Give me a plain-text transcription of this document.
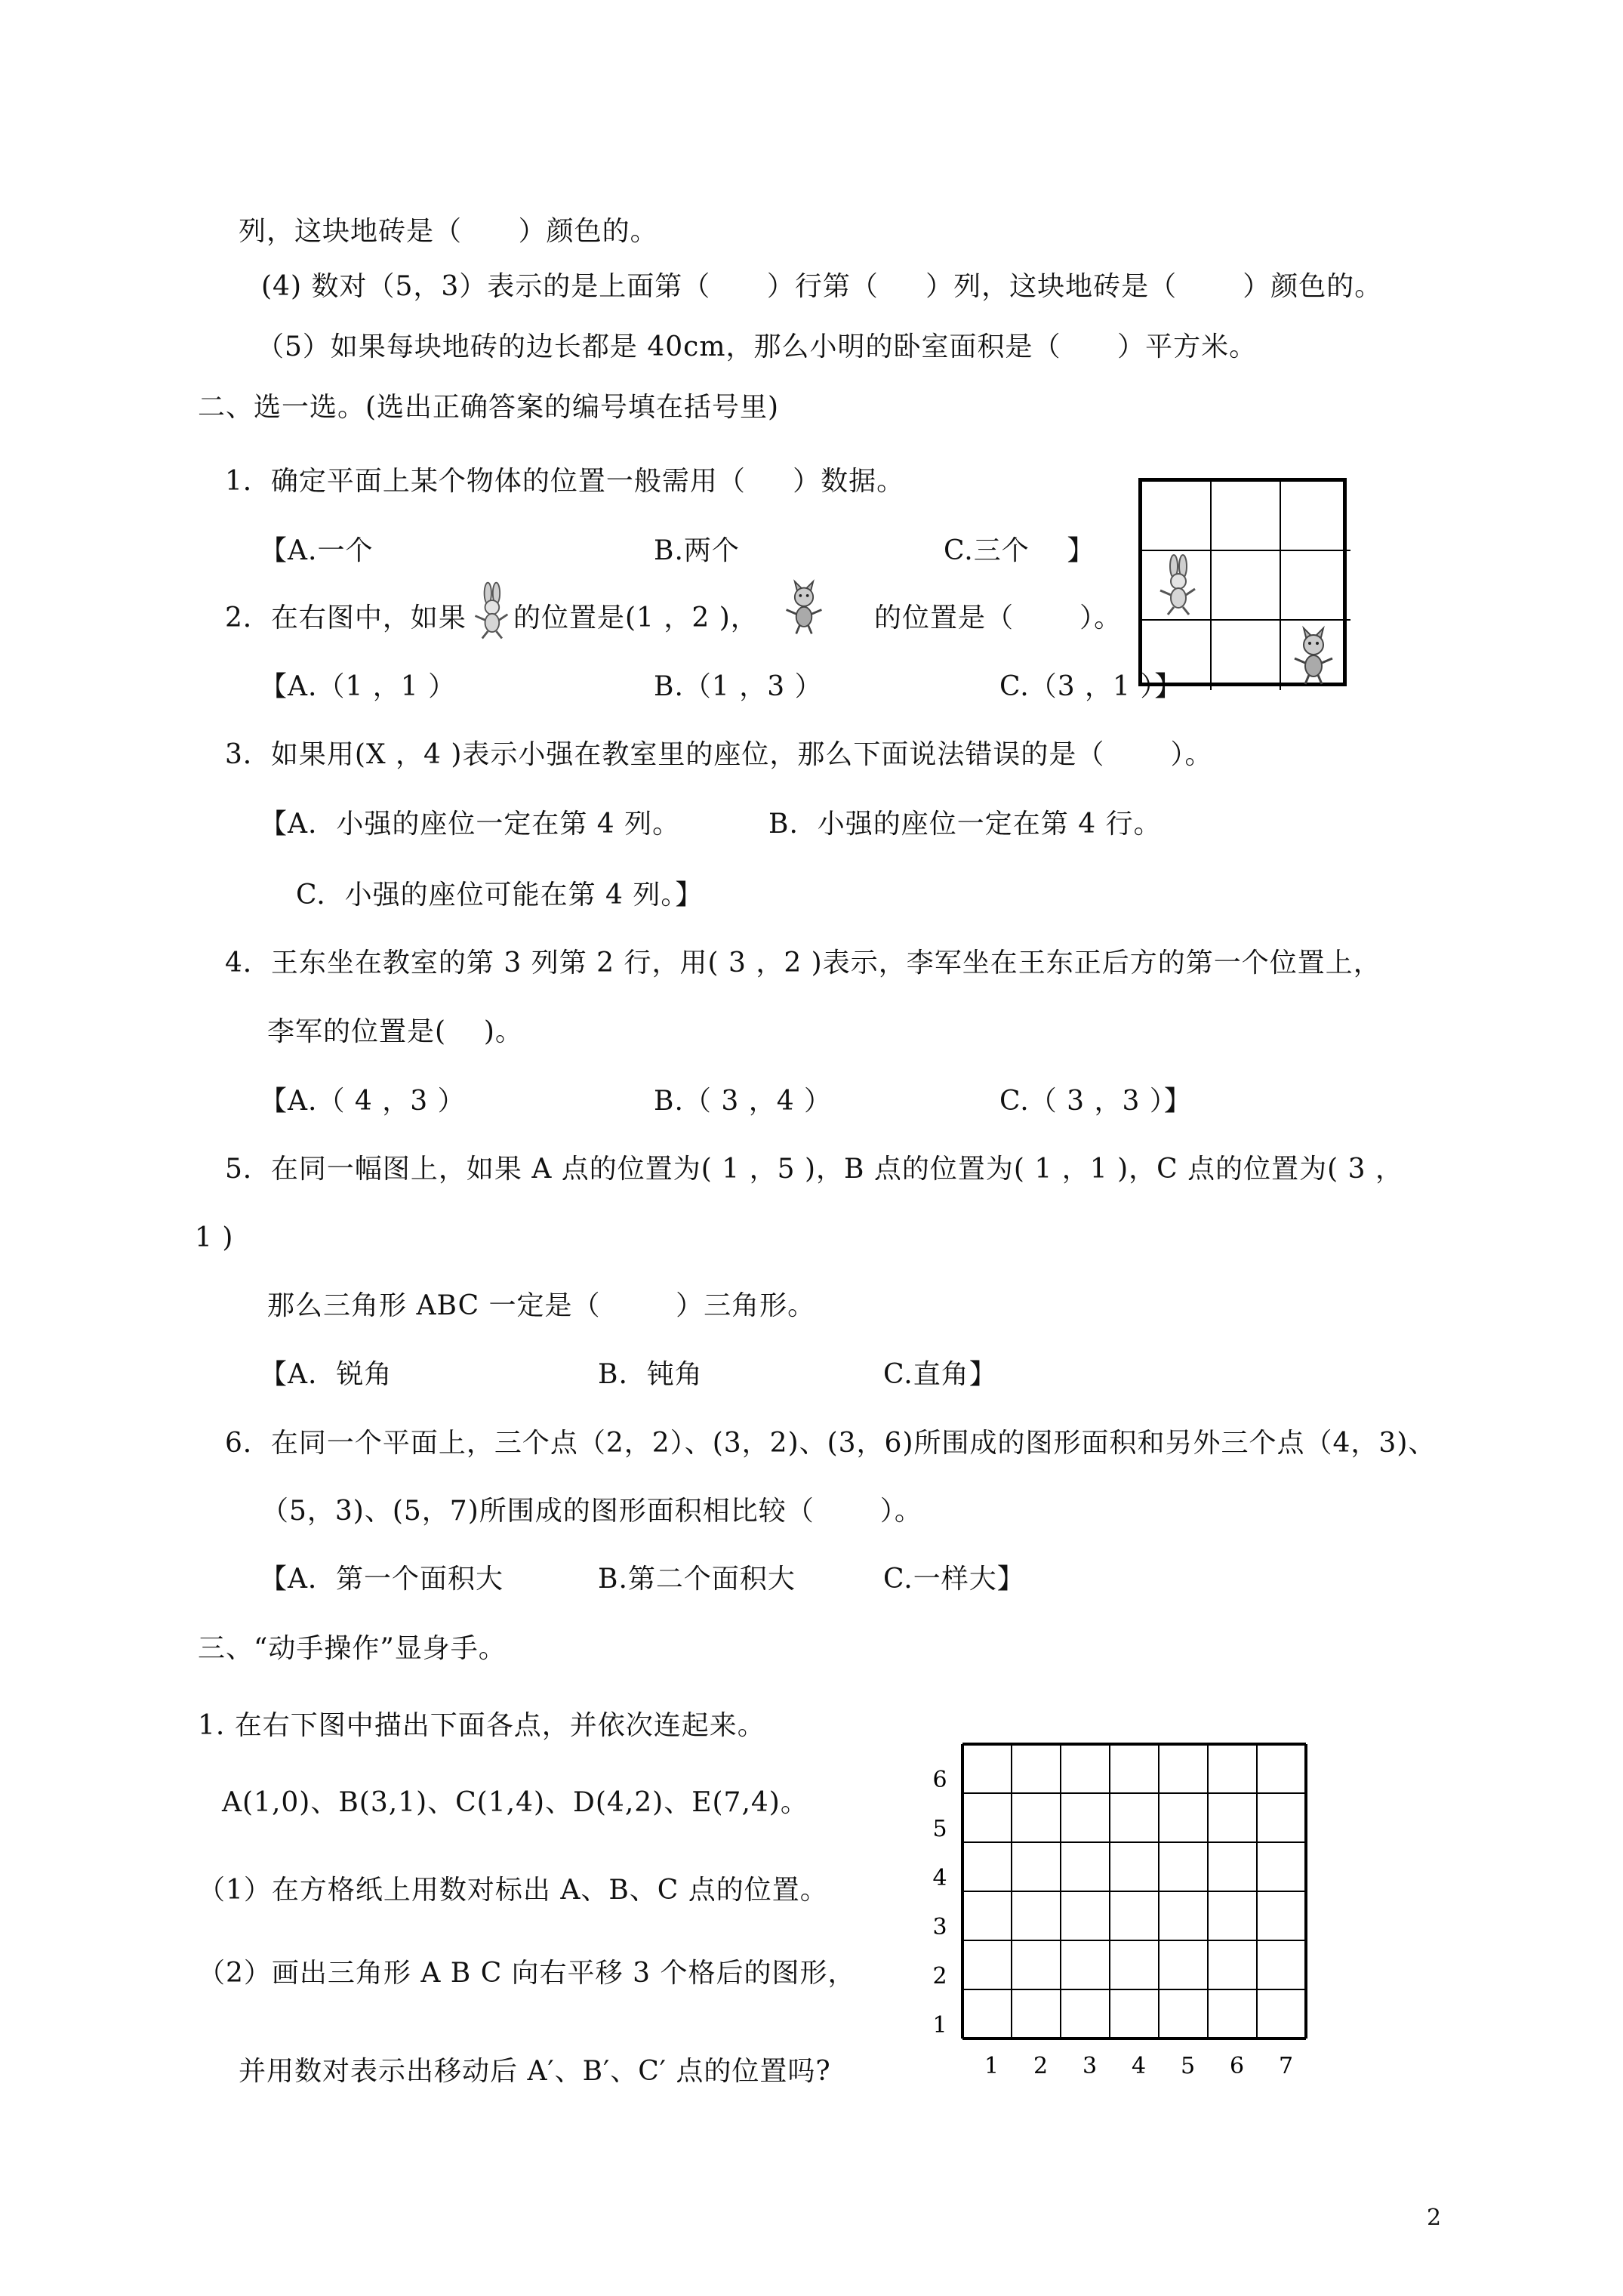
列，这块地砖是（      ）颜色的。
(4) 数对（5，3）表示的是上面第（      ）行第（     ）列，这块地砖是（       ）颜色的。
（5）如果每块地砖的边长都是 40cm，那么小明的卧室面积是（      ）平方米。
二、选一选。(选出正确答案的编号填在括号里)
1．确定平面上某个物体的位置一般需用（     ）数据。
【A.一个	B.两个	C.三个    】
2．在右图中，如果 的位置是(1 ，2 )，	的位置是（       ）。
【A.（1 ，1 ）	B.（1 ，3 ）	C.（3 ，1 ）】
3．如果用(X ，4 )表示小强在教室里的座位，那么下面说法错误的是（       ）。
【A.  小强的座位一定在第 4 列。	B.  小强的座位一定在第 4 行。
C.  小强的座位可能在第 4 列。】
4．王东坐在教室的第 3 列第 2 行，用( 3 ，2 )表示，李军坐在王东正后方的第一个位置上，
李军的位置是(    )。
【A.（ 4 ，3 ）	B.（ 3 ，4 ）	C.（ 3 ，3 ）】
5．在同一幅图上，如果 A 点的位置为( 1 ，5 )，B 点的位置为( 1 ，1 )，C 点的位置为( 3 ，
1 )
那么三角形 ABC 一定是（        ）三角形。
【A.  锐角	B.  钝角	C.直角】
6．在同一个平面上，三个点（2，2）、(3，2)、(3，6)所围成的图形面积和另外三个点（4，3)、
（5，3)、(5，7)所围成的图形面积相比较（       ）。
【A．第一个面积大	B.第二个面积大	C.一样大】
三、“动手操作”显身手。
1. 在右下图中描出下面各点，并依次连起来。
A(1,0)、B(3,1)、C(1,4)、D(4,2)、E(7,4)。
（1）在方格纸上用数对标出 A、B、C 点的位置。
（2）画出三角形 A B C 向右平移 3 个格后的图形，
并用数对表示出移动后 A′、B′、C′ 点的位置吗?	1 2 3 4 5 6 7
1
2
3
4
5
6
2
